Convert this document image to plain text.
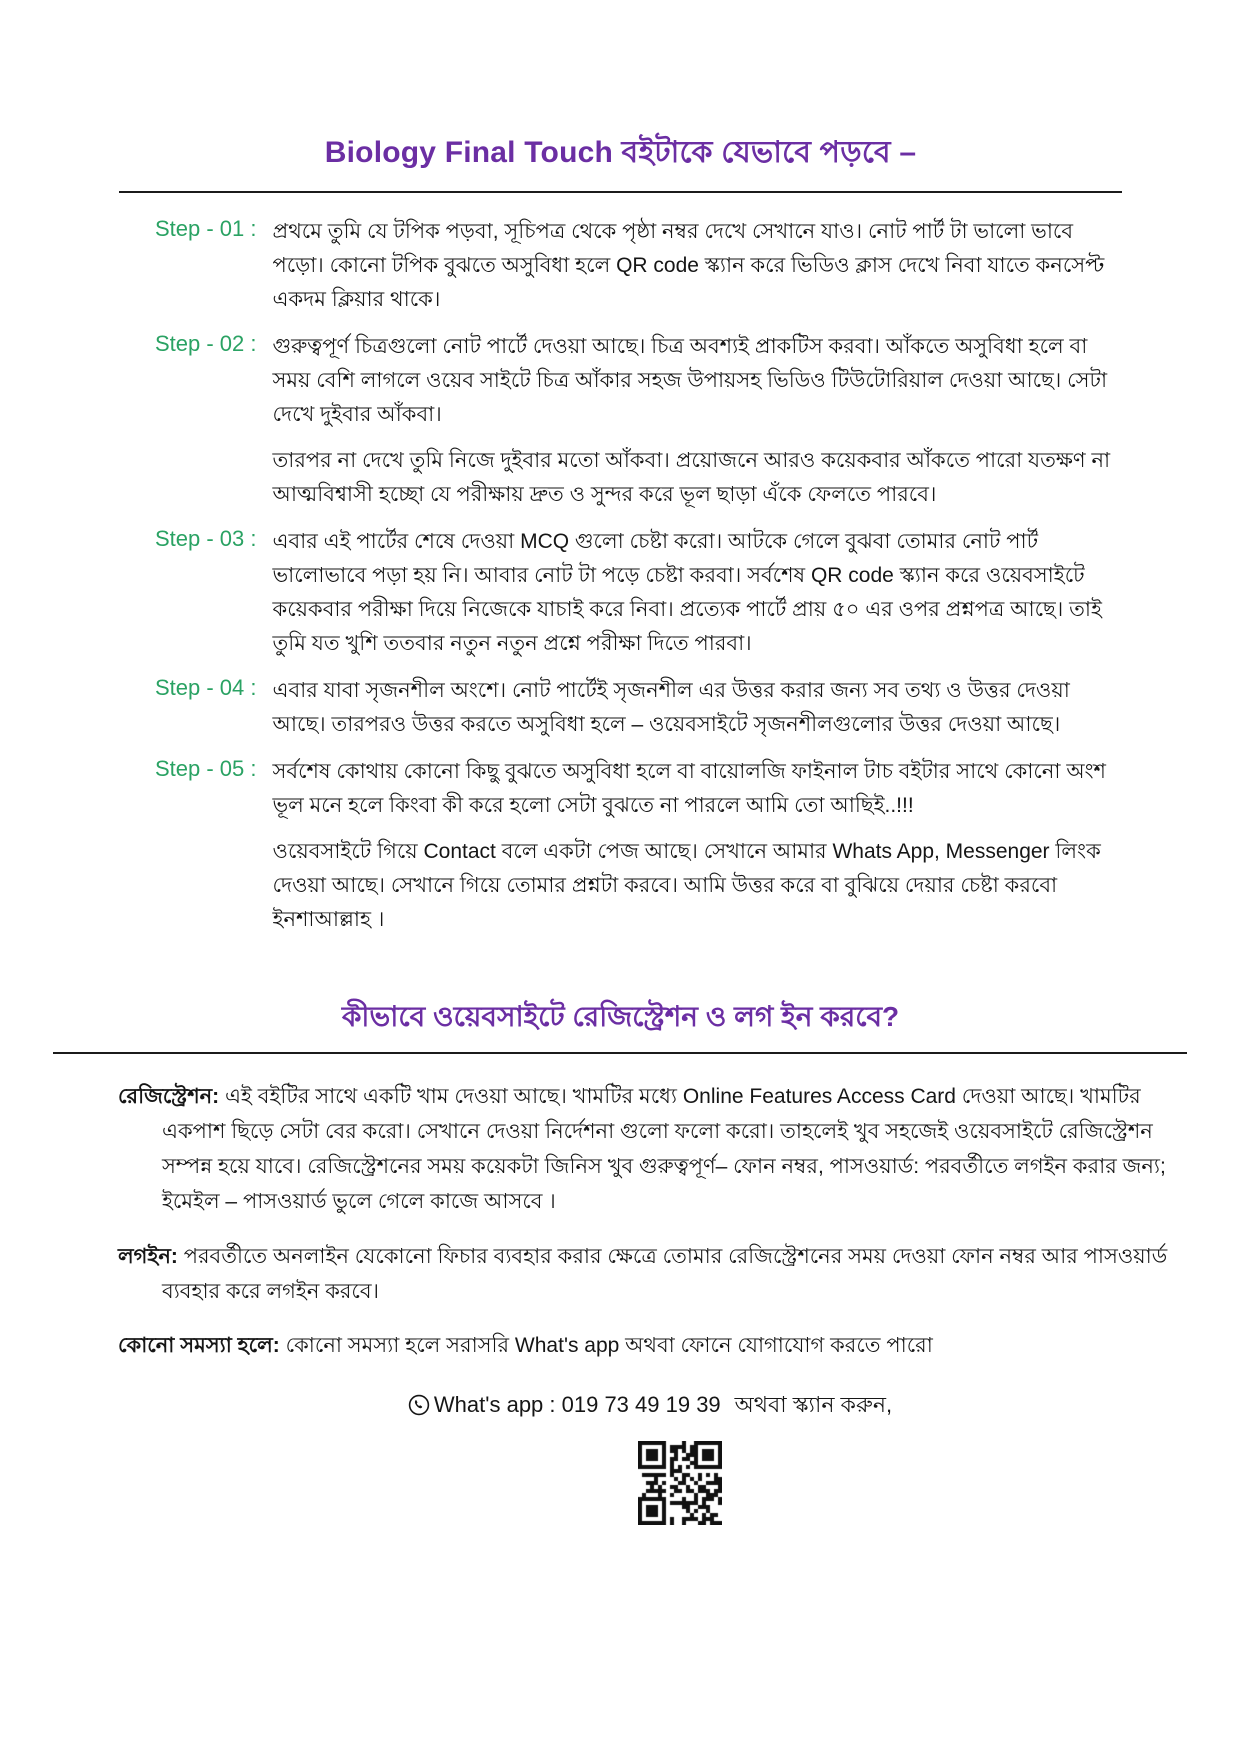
Biology Final Touch বইটাকে যেভাবে পড়বে –
Step - 01 : প্রথমে তুমি যে টপিক পড়বা, সূচিপত্র থেকে পৃষ্ঠা নম্বর দেখে সেখানে যাও। নোট পার্ট টা ভালো ভাবে পড়ো। কোনো টপিক বুঝতে অসুবিধা হলে QR code স্ক্যান করে ভিডিও ক্লাস দেখে নিবা যাতে কনসেপ্ট একদম ক্লিয়ার থাকে।

Step - 02 : গুরুত্বপূর্ণ চিত্রগুলো নোট পার্টে দেওয়া আছে। চিত্র অবশ্যই প্রাকটিস করবা। আঁকতে অসুবিধা হলে বা সময় বেশি লাগলে ওয়েব সাইটে চিত্র আঁকার সহজ উপায়সহ ভিডিও টিউটোরিয়াল দেওয়া আছে। সেটা দেখে দুইবার আঁকবা।

তারপর না দেখে তুমি নিজে দুইবার মতো আঁকবা। প্রয়োজনে আরও কয়েকবার আঁকতে পারো যতক্ষণ না আত্মবিশ্বাসী হচ্ছো যে পরীক্ষায় দ্রুত ও সুন্দর করে ভূল ছাড়া এঁকে ফেলতে পারবে।

Step - 03 : এবার এই পার্টের শেষে দেওয়া MCQ গুলো চেষ্টা করো। আটকে গেলে বুঝবা তোমার নোট পার্ট ভালোভাবে পড়া হয় নি। আবার নোট টা পড়ে চেষ্টা করবা। সর্বশেষ QR code স্ক্যান করে ওয়েবসাইটে কয়েকবার পরীক্ষা দিয়ে নিজেকে যাচাই করে নিবা। প্রত্যেক পার্টে প্রায় ৫০ এর ওপর প্রশ্নপত্র আছে। তাই তুমি যত খুশি ততবার নতুন নতুন প্রশ্নে পরীক্ষা দিতে পারবা।

Step - 04 : এবার যাবা সৃজনশীল অংশে। নোট পার্টেই সৃজনশীল এর উত্তর করার জন্য সব তথ্য ও উত্তর দেওয়া আছে। তারপরও উত্তর করতে অসুবিধা হলে – ওয়েবসাইটে সৃজনশীলগুলোর উত্তর দেওয়া আছে।

Step - 05 : সর্বশেষ কোথায় কোনো কিছু বুঝতে অসুবিধা হলে বা বায়োলজি ফাইনাল টাচ বইটার সাথে কোনো অংশ ভূল মনে হলে কিংবা কী করে হলো সেটা বুঝতে না পারলে আমি তো আছিই..!!!

ওয়েবসাইটে গিয়ে Contact বলে একটা পেজ আছে। সেখানে আমার Whats App, Messenger লিংক দেওয়া আছে। সেখানে গিয়ে তোমার প্রশ্নটা করবে। আমি উত্তর করে বা বুঝিয়ে দেয়ার চেষ্টা করবো ইনশাআল্লাহ ।

কীভাবে ওয়েবসাইটে রেজিস্ট্রেশন ও লগ ইন করবে?

রেজিস্ট্রেশন: এই বইটির সাথে একটি খাম দেওয়া আছে। খামটির মধ্যে Online Features Access Card দেওয়া আছে। খামটির একপাশ ছিড়ে সেটা বের করো। সেখানে দেওয়া নির্দেশনা গুলো ফলো করো। তাহলেই খুব সহজেই ওয়েবসাইটে রেজিস্ট্রেশন সম্পন্ন হয়ে যাবে। রেজিস্ট্রেশনের সময় কয়েকটা জিনিস খুব গুরুত্বপূর্ণ– ফোন নম্বর, পাসওয়ার্ড: পরবর্তীতে লগইন করার জন্য; ইমেইল – পাসওয়ার্ড ভুলে গেলে কাজে আসবে ।

লগইন: পরবর্তীতে অনলাইন যেকোনো ফিচার ব্যবহার করার ক্ষেত্রে তোমার রেজিস্ট্রেশনের সময় দেওয়া ফোন নম্বর আর পাসওয়ার্ড ব্যবহার করে লগইন করবে।

কোনো সমস্যা হলে: কোনো সমস্যা হলে সরাসরি What's app অথবা ফোনে যোগাযোগ করতে পারো

What's app : 019 73 49 19 39 অথবা স্ক্যান করুন,
